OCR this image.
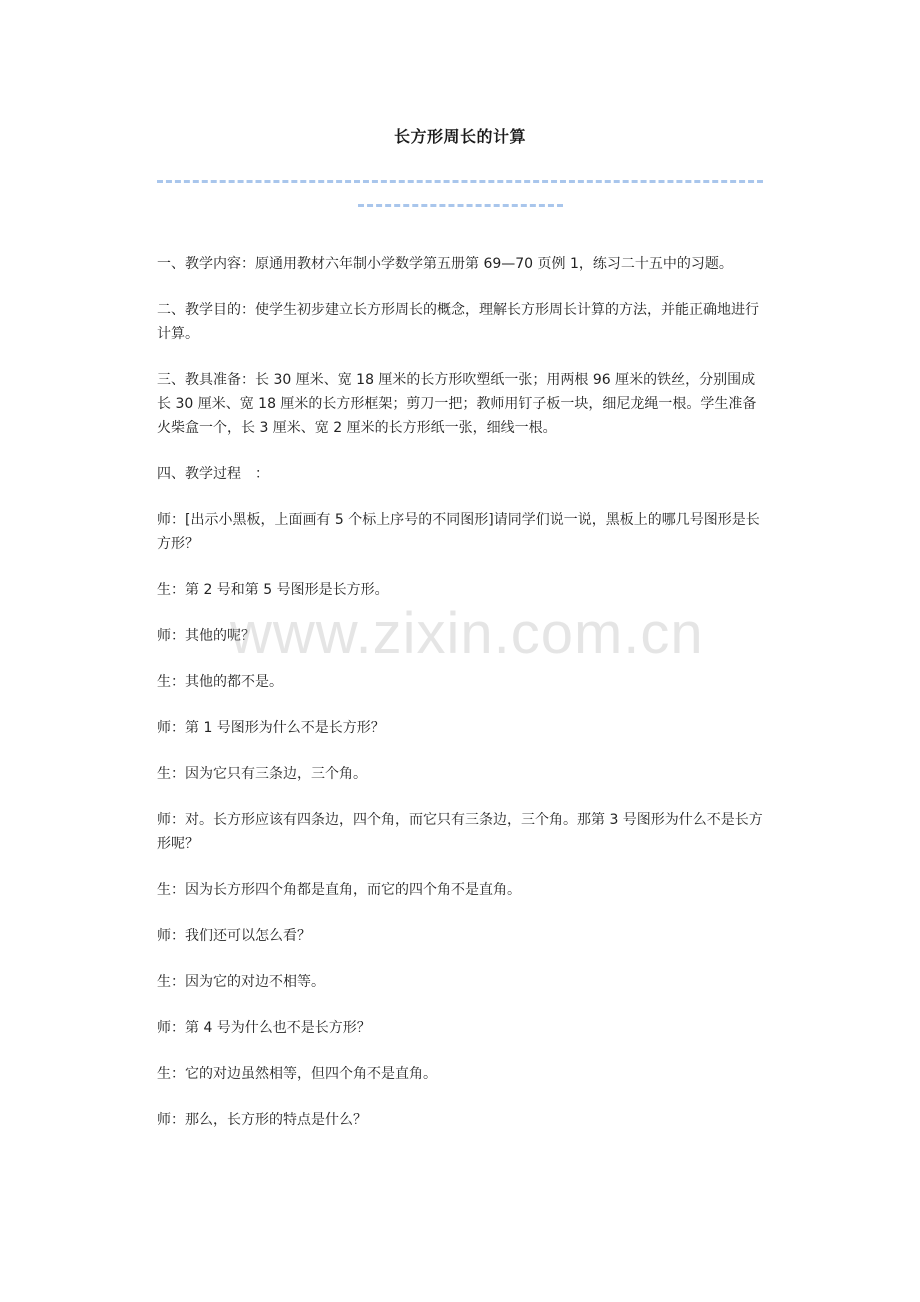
长方形周长的计算

一、教学内容：原通用教材六年制小学数学第五册第 69—70 页例 1，练习二十五中的习题。

二、教学目的：使学生初步建立长方形周长的概念，理解长方形周长计算的方法，并能正确地进行计算。

三、教具准备：长 30 厘米、宽 18 厘米的长方形吹塑纸一张；用两根 96 厘米的铁丝，分别围成长 30 厘米、宽 18 厘米的长方形框架；剪刀一把；教师用钉子板一块，细尼龙绳一根。学生准备火柴盒一个，长 3 厘米、宽 2 厘米的长方形纸一张，细线一根。

四、教学过程　：

师：[出示小黑板，上面画有 5 个标上序号的不同图形]请同学们说一说，黑板上的哪几号图形是长方形？

生：第 2 号和第 5 号图形是长方形。

师：其他的呢？

生：其他的都不是。

师：第 1 号图形为什么不是长方形？

生：因为它只有三条边，三个角。

师：对。长方形应该有四条边，四个角，而它只有三条边，三个角。那第 3 号图形为什么不是长方形呢？

生：因为长方形四个角都是直角，而它的四个角不是直角。

师：我们还可以怎么看？

生：因为它的对边不相等。

师：第 4 号为什么也不是长方形？

生：它的对边虽然相等，但四个角不是直角。

师：那么，长方形的特点是什么？

www.zixin.com.cn
